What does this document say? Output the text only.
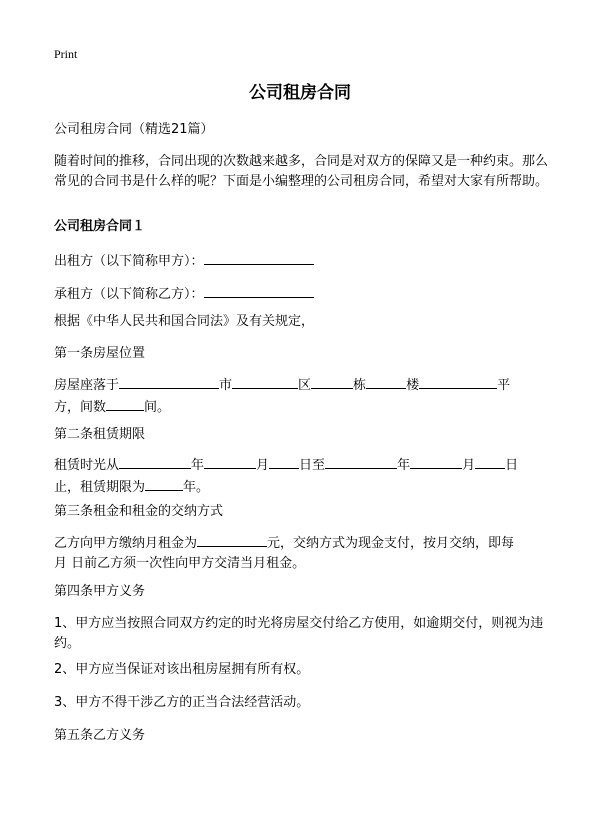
Print
公司租房合同

公司租房合同（精选21篇）

随着时间的推移，合同出现的次数越来越多，合同是对双方的保障又是一种约束。那么常见的合同书是什么样的呢？下面是小编整理的公司租房合同，希望对大家有所帮助。

公司租房合同１

出租方（以下简称甲方）：

承租方（以下简称乙方）：

根据《中华人民共和国合同法》及有关规定，

第一条房屋位置

房屋座落于	市	区	栋	楼	平

方，间数	间。

第二条租赁期限

租赁时光从	年	月 日至	年	月 日

止，租赁期限为	年。

第三条租金和租金的交纳方式

乙方向甲方缴纳月租金为	元，交纳方式为现金支付，按月交纳，即每

月 日前乙方须一次性向甲方交清当月租金。

第四条甲方义务

1、甲方应当按照合同双方约定的时光将房屋交付给乙方使用，如逾期交付，则视为违约。

2、甲方应当保证对该出租房屋拥有所有权。

3、甲方不得干涉乙方的正当合法经营活动。

第五条乙方义务
